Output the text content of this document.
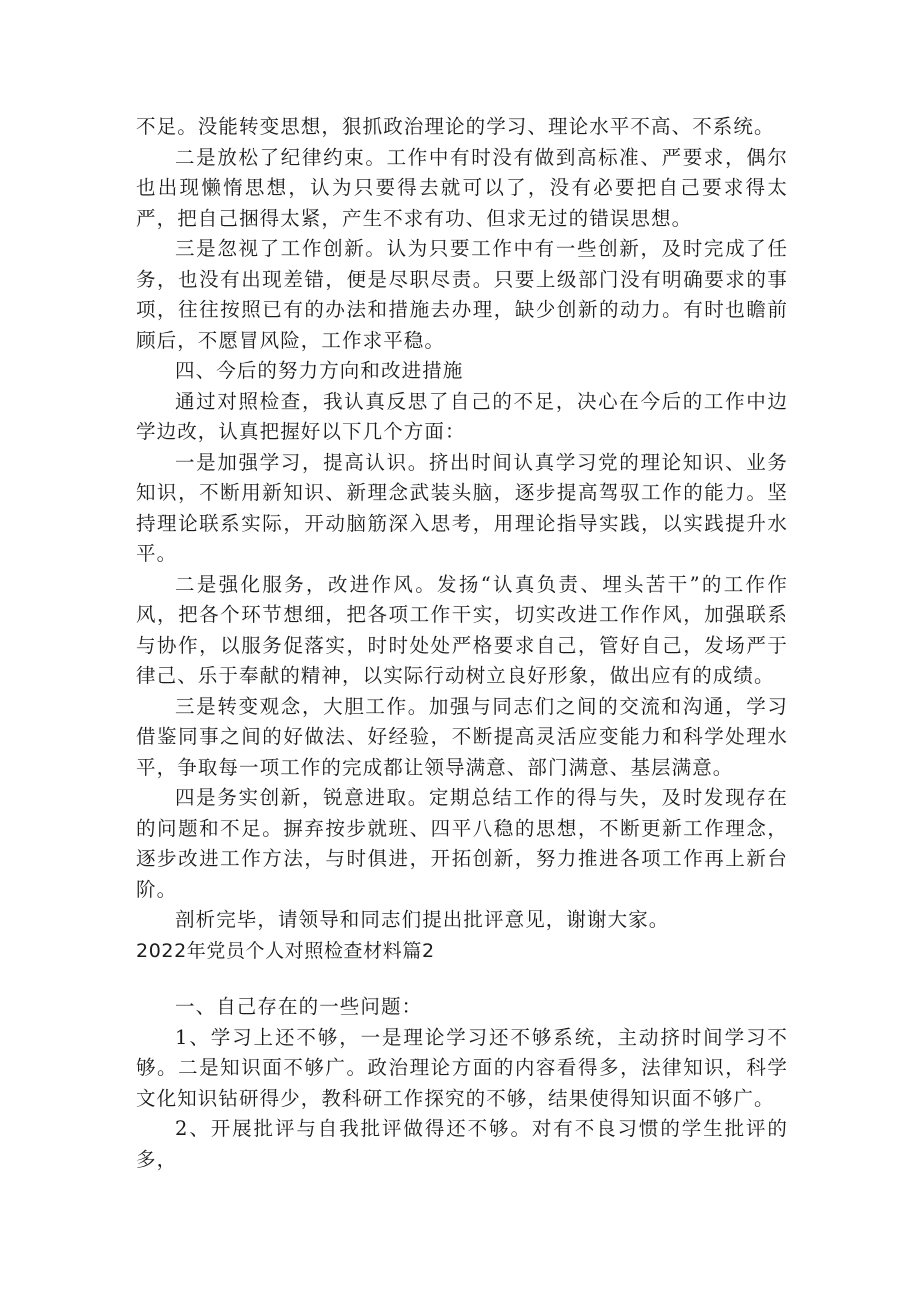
不足。没能转变思想，狠抓政治理论的学习、理论水平不高、不系统。

二是放松了纪律约束。工作中有时没有做到高标准、严要求，偶尔也出现懒惰思想，认为只要得去就可以了，没有必要把自己要求得太严，把自己捆得太紧，产生不求有功、但求无过的错误思想。

三是忽视了工作创新。认为只要工作中有一些创新，及时完成了任务，也没有出现差错，便是尽职尽责。只要上级部门没有明确要求的事项，往往按照已有的办法和措施去办理，缺少创新的动力。有时也瞻前顾后，不愿冒风险，工作求平稳。

四、今后的努力方向和改进措施

通过对照检查，我认真反思了自己的不足，决心在今后的工作中边学边改，认真把握好以下几个方面：

一是加强学习，提高认识。挤出时间认真学习党的理论知识、业务知识，不断用新知识、新理念武装头脑，逐步提高驾驭工作的能力。坚持理论联系实际，开动脑筋深入思考，用理论指导实践，以实践提升水平。

二是强化服务，改进作风。发扬“认真负责、埋头苦干”的工作作风，把各个环节想细，把各项工作干实，切实改进工作作风，加强联系与协作，以服务促落实，时时处处严格要求自己，管好自己，发场严于律己、乐于奉献的精神，以实际行动树立良好形象，做出应有的成绩。

三是转变观念，大胆工作。加强与同志们之间的交流和沟通，学习借鉴同事之间的好做法、好经验，不断提高灵活应变能力和科学处理水平，争取每一项工作的完成都让领导满意、部门满意、基层满意。

四是务实创新，锐意进取。定期总结工作的得与失，及时发现存在的问题和不足。摒弃按步就班、四平八稳的思想，不断更新工作理念，逐步改进工作方法，与时俱进，开拓创新，努力推进各项工作再上新台阶。

剖析完毕，请领导和同志们提出批评意见，谢谢大家。

2022年党员个人对照检查材料篇2

一、自己存在的一些问题：

1、学习上还不够，一是理论学习还不够系统，主动挤时间学习不够。二是知识面不够广。政治理论方面的内容看得多，法律知识，科学文化知识钻研得少，教科研工作探究的不够，结果使得知识面不够广。

2、开展批评与自我批评做得还不够。对有不良习惯的学生批评的多，
